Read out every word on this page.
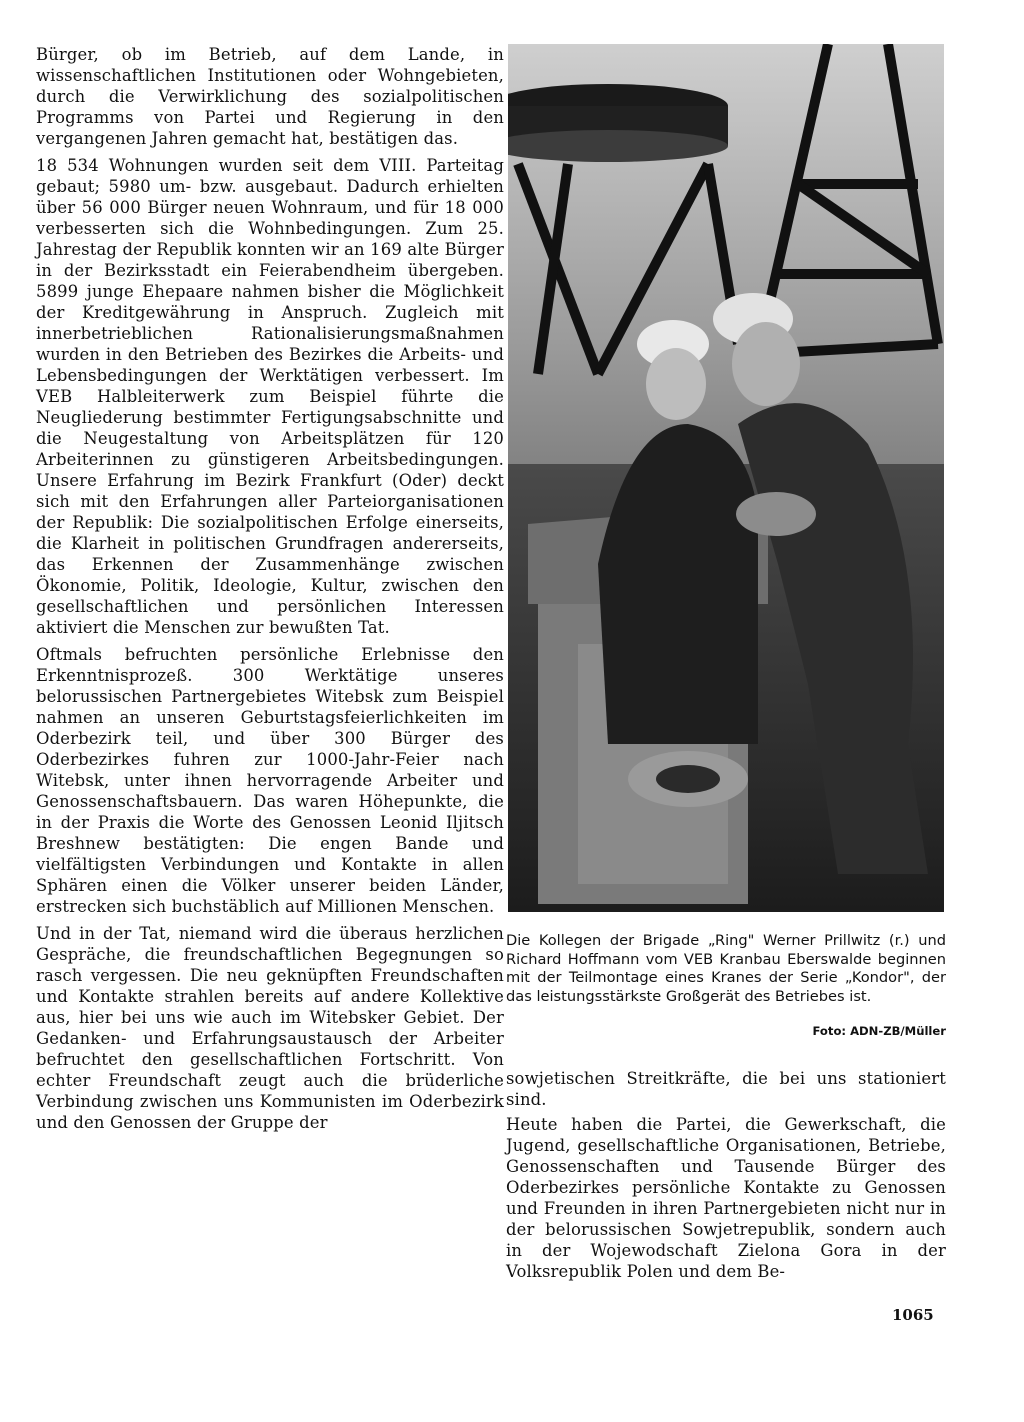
Bürger, ob im Betrieb, auf dem Lande, in wissenschaftlichen Institutionen oder Wohngebieten, durch die Verwirklichung des sozialpolitischen Programms von Partei und Regierung in den vergangenen Jahren gemacht hat, bestätigen das.

18 534 Wohnungen wurden seit dem VIII. Parteitag gebaut; 5980 um- bzw. ausgebaut. Dadurch erhielten über 56 000 Bürger neuen Wohnraum, und für 18 000 verbesserten sich die Wohnbedingungen. Zum 25. Jahrestag der Republik konnten wir an 169 alte Bürger in der Bezirksstadt ein Feierabendheim übergeben. 5899 junge Ehepaare nahmen bisher die Möglichkeit der Kreditgewährung in Anspruch. Zugleich mit innerbetrieblichen Rationalisierungsmaßnahmen wurden in den Betrieben des Bezirkes die Arbeits- und Lebensbedingungen der Werktätigen verbessert. Im VEB Halbleiterwerk zum Beispiel führte die Neugliederung bestimmter Fertigungsabschnitte und die Neugestaltung von Arbeitsplätzen für 120 Arbeiterinnen zu günstigeren Arbeitsbedingungen. Unsere Erfahrung im Bezirk Frankfurt (Oder) deckt sich mit den Erfahrungen aller Parteiorganisationen der Republik: Die sozialpolitischen Erfolge einerseits, die Klarheit in politischen Grundfragen andererseits, das Erkennen der Zusammenhänge zwischen Ökonomie, Politik, Ideologie, Kultur, zwischen den gesellschaftlichen und persönlichen Interessen aktiviert die Menschen zur bewußten Tat.

Oftmals befruchten persönliche Erlebnisse den Erkenntnisprozeß. 300 Werktätige unseres belorussischen Partnergebietes Witebsk zum Beispiel nahmen an unseren Geburtstagsfeierlichkeiten im Oderbezirk teil, und über 300 Bürger des Oderbezirkes fuhren zur 1000-Jahr-Feier nach Witebsk, unter ihnen hervorragende Arbeiter und Genossenschaftsbauern. Das waren Höhepunkte, die in der Praxis die Worte des Genossen Leonid Iljitsch Breshnew bestätigten: Die engen Bande und vielfältigsten Verbindungen und Kontakte in allen Sphären einen die Völker unserer beiden Länder, erstrecken sich buchstäblich auf Millionen Menschen.

Und in der Tat, niemand wird die überaus herzlichen Gespräche, die freundschaftlichen Begegnungen so rasch vergessen. Die neu geknüpften Freundschaften und Kontakte strahlen bereits auf andere Kollektive aus, hier bei uns wie auch im Witebsker Gebiet. Der Gedanken- und Erfahrungsaustausch der Arbeiter befruchtet den gesellschaftlichen Fortschritt. Von echter Freundschaft zeugt auch die brüderliche Verbindung zwischen uns Kommunisten im Oderbezirk und den Genossen der Gruppe der

Die Kollegen der Brigade „Ring" Werner Prillwitz (r.) und Richard Hoffmann vom VEB Kranbau Eberswalde beginnen mit der Teilmontage eines Kranes der Serie „Kondor", der das leistungsstärkste Großgerät des Betriebes ist.
Foto: ADN-ZB/Müller

sowjetischen Streitkräfte, die bei uns stationiert sind.

Heute haben die Partei, die Gewerkschaft, die Jugend, gesellschaftliche Organisationen, Betriebe, Genossenschaften und Tausende Bürger des Oderbezirkes persönliche Kontakte zu Genossen und Freunden in ihren Partnergebieten nicht nur in der belorussischen Sowjetrepublik, sondern auch in der Wojewodschaft Zielona Gora in der Volksrepublik Polen und dem Be-

1065
